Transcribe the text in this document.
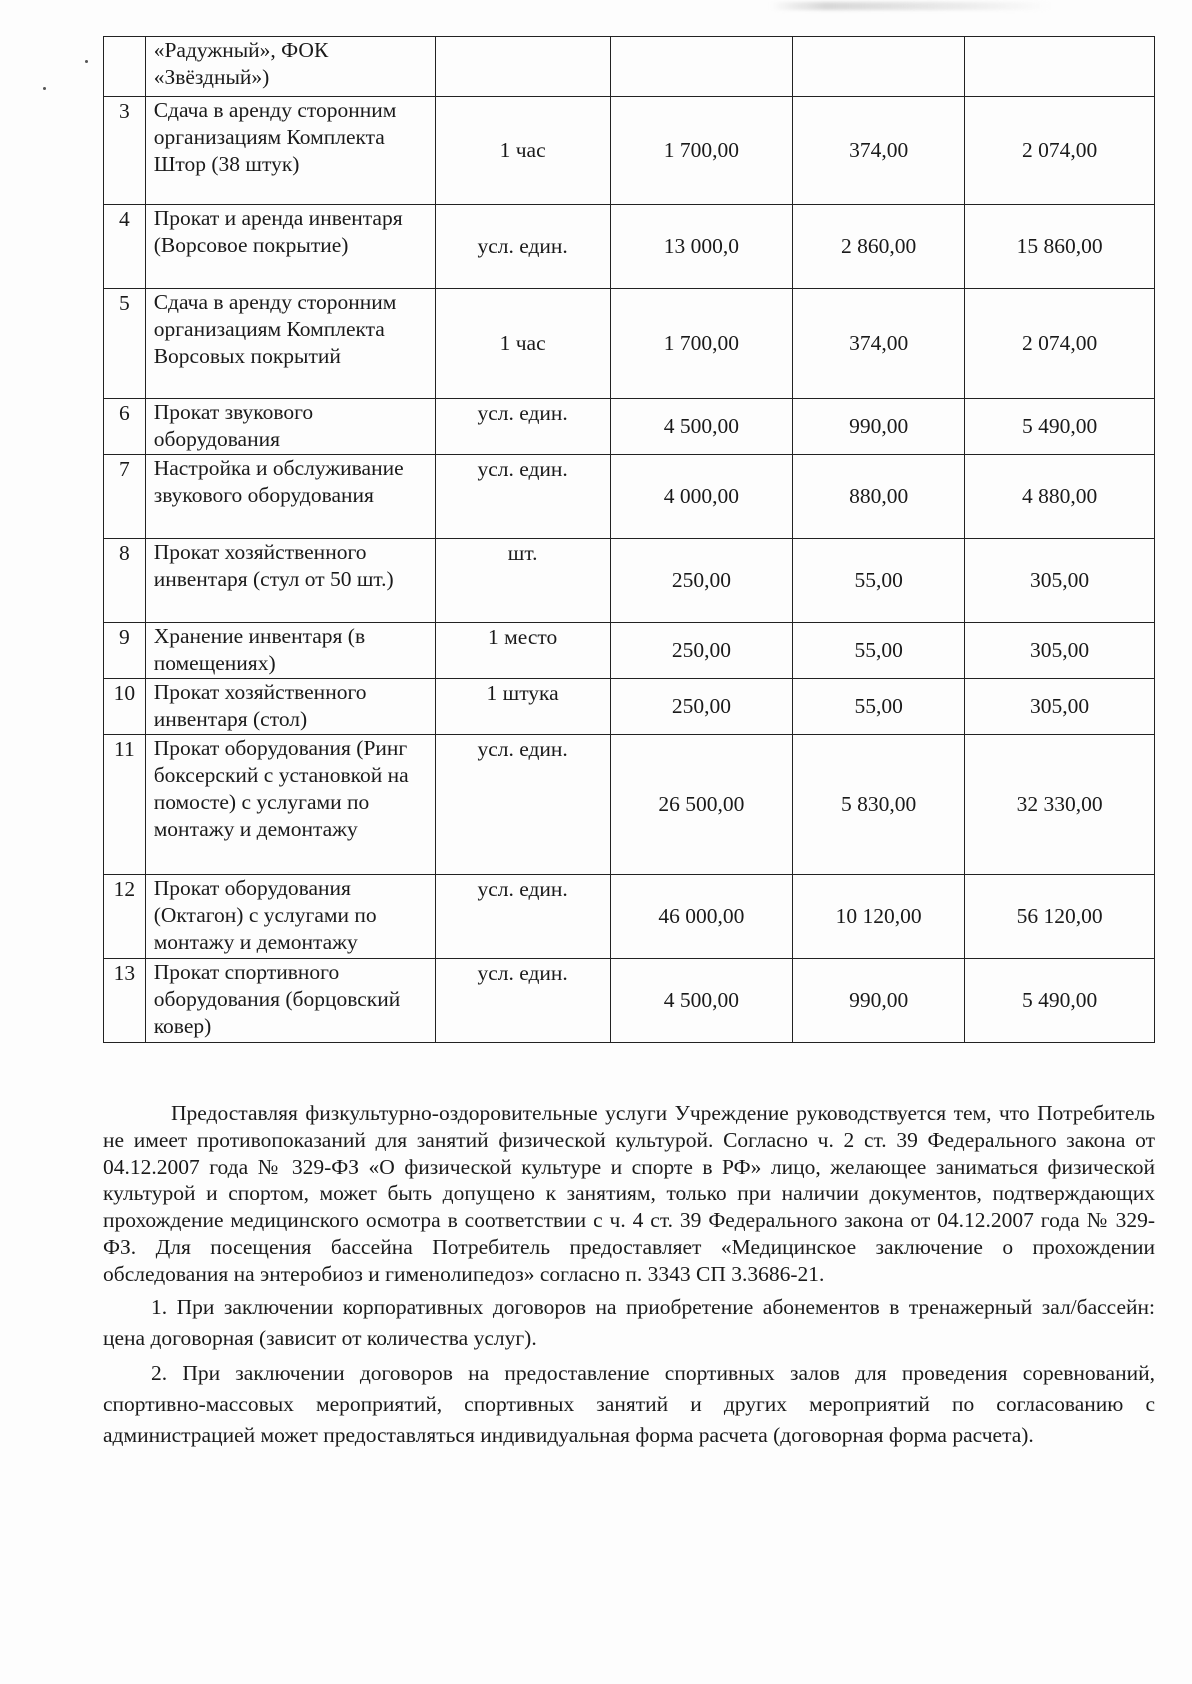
	«Радужный», ФОК «Звёздный»)				
3	Сдача в аренду сторонним организациям Комплекта Штор (38 штук)	1 час	1 700,00	374,00	2 074,00
4	Прокат и аренда инвентаря (Ворсовое покрытие)	усл. един.	13 000,0	2 860,00	15 860,00
5	Сдача в аренду сторонним организациям Комплекта Ворсовых покрытий	1 час	1 700,00	374,00	2 074,00
6	Прокат звукового оборудования	усл. един.	4 500,00	990,00	5 490,00
7	Настройка и обслуживание звукового оборудования	усл. един.	4 000,00	880,00	4 880,00
8	Прокат хозяйственного инвентаря (стул от 50 шт.)	шт.	250,00	55,00	305,00
9	Хранение инвентаря (в помещениях)	1 место	250,00	55,00	305,00
10	Прокат хозяйственного инвентаря (стол)	1 штука	250,00	55,00	305,00
11	Прокат оборудования (Ринг боксерский с установкой на помосте) с услугами по монтажу и демонтажу	усл. един.	26 500,00	5 830,00	32 330,00
12	Прокат оборудования (Октагон) с услугами по монтажу и демонтажу	усл. един.	46 000,00	10 120,00	56 120,00
13	Прокат спортивного оборудования (борцовский ковер)	усл. един.	4 500,00	990,00	5 490,00

Предоставляя физкультурно-оздоровительные услуги Учреждение руководствуется тем, что Потребитель не имеет противопоказаний для занятий физической культурой. Согласно ч. 2 ст. 39 Федерального закона от 04.12.2007 года № 329-ФЗ «О физической культуре и спорте в РФ» лицо, желающее заниматься физической культурой и спортом, может быть допущено к занятиям, только при наличии документов, подтверждающих прохождение медицинского осмотра в соответствии с ч. 4 ст. 39 Федерального закона от 04.12.2007 года № 329-ФЗ. Для посещения бассейна Потребитель предоставляет «Медицинское заключение о прохождении обследования на энтеробиоз и гименолипедоз» согласно п. 3343 СП 3.3686-21.

1. При заключении корпоративных договоров на приобретение абонементов в тренажерный зал/бассейн: цена договорная (зависит от количества услуг).

2. При заключении договоров на предоставление спортивных залов для проведения соревнований, спортивно-массовых мероприятий, спортивных занятий и других мероприятий по согласованию с администрацией может предоставляться индивидуальная форма расчета (договорная форма расчета).
